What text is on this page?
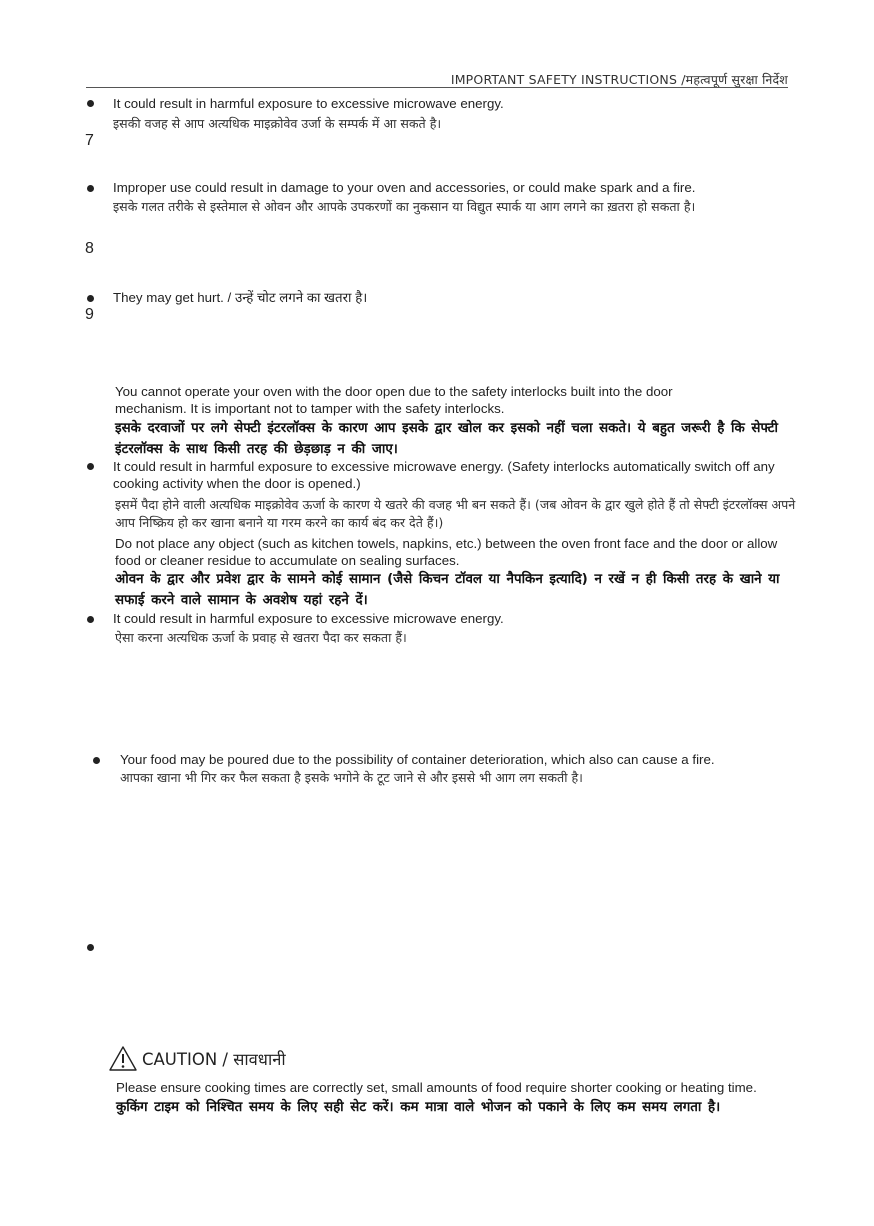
IMPORTANT SAFETY INSTRUCTIONS /महत्वपूर्ण सुरक्षा निर्देश
It could result in harmful exposure to excessive microwave energy.
इसकी वजह से आप अत्यधिक माइक्रोवेव उर्जा के सम्पर्क में आ सकते है।
7
Improper use could result in damage to your oven and accessories, or could make spark and a fire.
इसके गलत तरीके से इस्तेमाल से ओवन और आपके उपकरणों का नुकसान या विद्युत स्पार्क या आग लगने का ख़तरा हो सकता है।
8
They may get hurt. / उन्हें चोट लगने का खतरा है।
9
You cannot operate your oven with the door open due to the safety interlocks built into the door mechanism. It is important not to tamper with the safety interlocks.
इसके दरवाजों पर लगे सेफ्टी इंटरलॉक्स के कारण आप इसके द्वार खोल कर इसको नहीं चला सकते। ये बहुत जरूरी है कि सेफ्टी इंटरलॉक्स के साथ किसी तरह की छेड़छाड़ न की जाए।
It could result in harmful exposure to excessive microwave energy. (Safety interlocks automatically switch off any cooking activity when the door is opened.)
इसमें पैदा होने वाली अत्यधिक माइक्रोवेव ऊर्जा के कारण ये खतरे की वजह भी बन सकते हैं। (जब ओवन के द्वार खुले होते हैं तो सेफ्टी इंटरलॉक्स अपने आप निष्क्रिय हो कर खाना बनाने या गरम करने का कार्य बंद कर देते हैं।)
Do not place any object (such as kitchen towels, napkins, etc.) between the oven front face and the door or allow food or cleaner residue to accumulate on sealing surfaces.
ओवन के द्वार और प्रवेश द्वार के सामने कोई सामान (जैसे किचन टॉवल या नैपकिन इत्यादि) न रखें न ही किसी तरह के खाने या सफाई करने वाले सामान के अवशेष यहां रहने दें।
It could result in harmful exposure to excessive microwave energy.
ऐसा करना अत्यधिक ऊर्जा के प्रवाह से खतरा पैदा कर सकता हैं।
Your food may be poured due to the possibility of container deterioration, which also can cause a fire.
आपका खाना भी गिर कर फैल सकता है इसके भगोने के टूट जाने से और इससे भी आग लग सकती है।
CAUTION / सावधानी
Please ensure cooking times are correctly set, small amounts of food require shorter cooking or heating time.
कुकिंग टाइम को निश्चित समय के लिए सही सेट करें। कम मात्रा वाले भोजन को पकाने के लिए कम समय लगता है।
